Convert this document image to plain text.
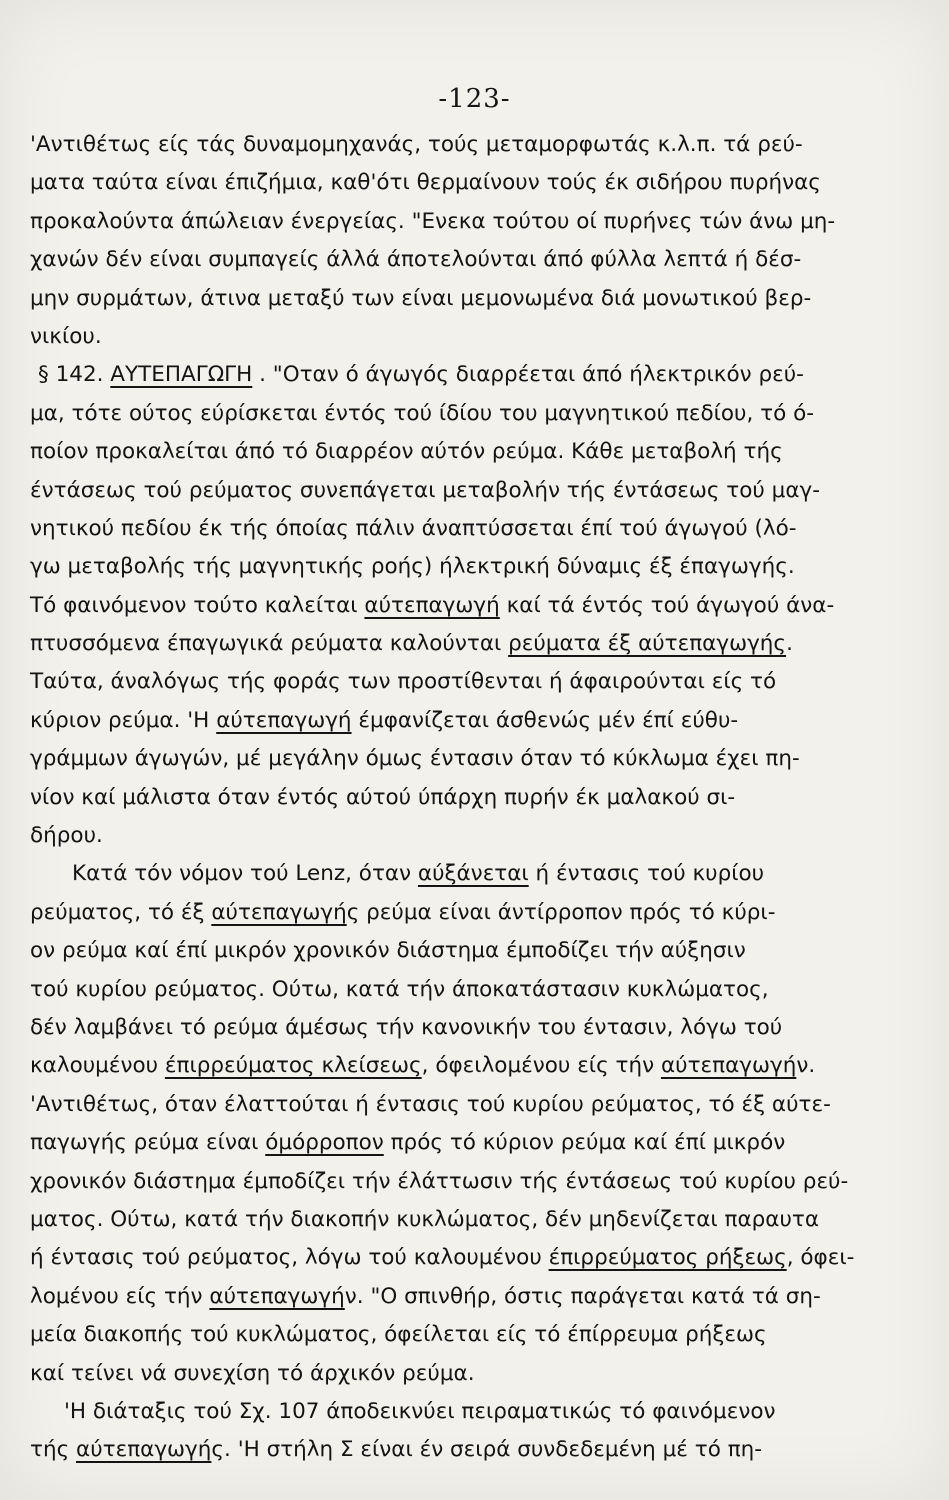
-123-
'Αντιθέτως είς τάς δυναμομηχανάς, τούς μεταμορφωτάς κ.λ.π. τά ρεύ-
ματα ταύτα είναι έπιζήμια, καθ'ότι θερμαίνουν τούς έκ σιδήρου πυρήνας
προκαλούντα άπώλειαν ένεργείας. "Ενεκα τούτου οί πυρήνες τών άνω μη-
χανών δέν είναι συμπαγείς άλλά άποτελούνται άπό φύλλα λεπτά ή δέσ-
μην συρμάτων, άτινα μεταξύ των είναι μεμονωμένα διά μονωτικού βερ-
νικίου.
§ 142. ΑΥΤΕΠΑΓΩΓΗ . "Οταν ό άγωγός διαρρέεται άπό ήλεκτρικόν ρεύ-
μα, τότε ούτος εύρίσκεται έντός τού ίδίου του μαγνητικού πεδίου, τό ό-
ποίον προκαλείται άπό τό διαρρέον αύτόν ρεύμα. Κάθε μεταβολή τής
έντάσεως τού ρεύματος συνεπάγεται μεταβολήν τής έντάσεως τού μαγ-
νητικού πεδίου έκ τής όποίας πάλιν άναπτύσσεται έπί τού άγωγού (λό-
γω μεταβολής τής μαγνητικής ροής) ήλεκτρική δύναμις έξ έπαγωγής.
Τό φαινόμενον τούτο καλείται αύτεπαγωγή καί τά έντός τού άγωγού άνα-
πτυσσόμενα έπαγωγικά ρεύματα καλούνται ρεύματα έξ αύτεπαγωγής.
Ταύτα, άναλόγως τής φοράς των προστίθενται ή άφαιρούνται είς τό
κύριον ρεύμα. 'Η αύτεπαγωγή έμφανίζεται άσθενώς μέν έπί εύθυ-
γράμμων άγωγών, μέ μεγάλην όμως έντασιν όταν τό κύκλωμα έχει πη-
νίον καί μάλιστα όταν έντός αύτού ύπάρχη πυρήν έκ μαλακού σι-
δήρου.
Κατά τόν νόμον τού Lenz, όταν αύξάνεται ή έντασις τού κυρίου
ρεύματος, τό έξ αύτεπαγωγής ρεύμα είναι άντίρροπον πρός τό κύρι-
ον ρεύμα καί έπί μικρόν χρονικόν διάστημα έμποδίζει τήν αύξησιν
τού κυρίου ρεύματος. Ούτω, κατά τήν άποκατάστασιν κυκλώματος,
δέν λαμβάνει τό ρεύμα άμέσως τήν κανονικήν του έντασιν, λόγω τού
καλουμένου έπιρρεύματος κλείσεως, όφειλομένου είς τήν αύτεπαγωγήν.
'Αντιθέτως, όταν έλαττούται ή έντασις τού κυρίου ρεύματος, τό έξ αύτε-
παγωγής ρεύμα είναι όμόρροπον πρός τό κύριον ρεύμα καί έπί μικρόν
χρονικόν διάστημα έμποδίζει τήν έλάττωσιν τής έντάσεως τού κυρίου ρεύ-
ματος. Ούτω, κατά τήν διακοπήν κυκλώματος, δέν μηδενίζεται παραυτα
ή έντασις τού ρεύματος, λόγω τού καλουμένου έπιρρεύματος ρήξεως, όφει-
λομένου είς τήν αύτεπαγωγήν. "Ο σπινθήρ, όστις παράγεται κατά τά ση-
μεία διακοπής τού κυκλώματος, όφείλεται είς τό έπίρρευμα ρήξεως
καί τείνει νά συνεχίση τό άρχικόν ρεύμα.
'Η διάταξις τού Σχ. 107 άποδεικνύει πειραματικώς τό φαινόμενον
τής αύτεπαγωγής. 'Η στήλη Σ είναι έν σειρά συνδεδεμένη μέ τό πη-
